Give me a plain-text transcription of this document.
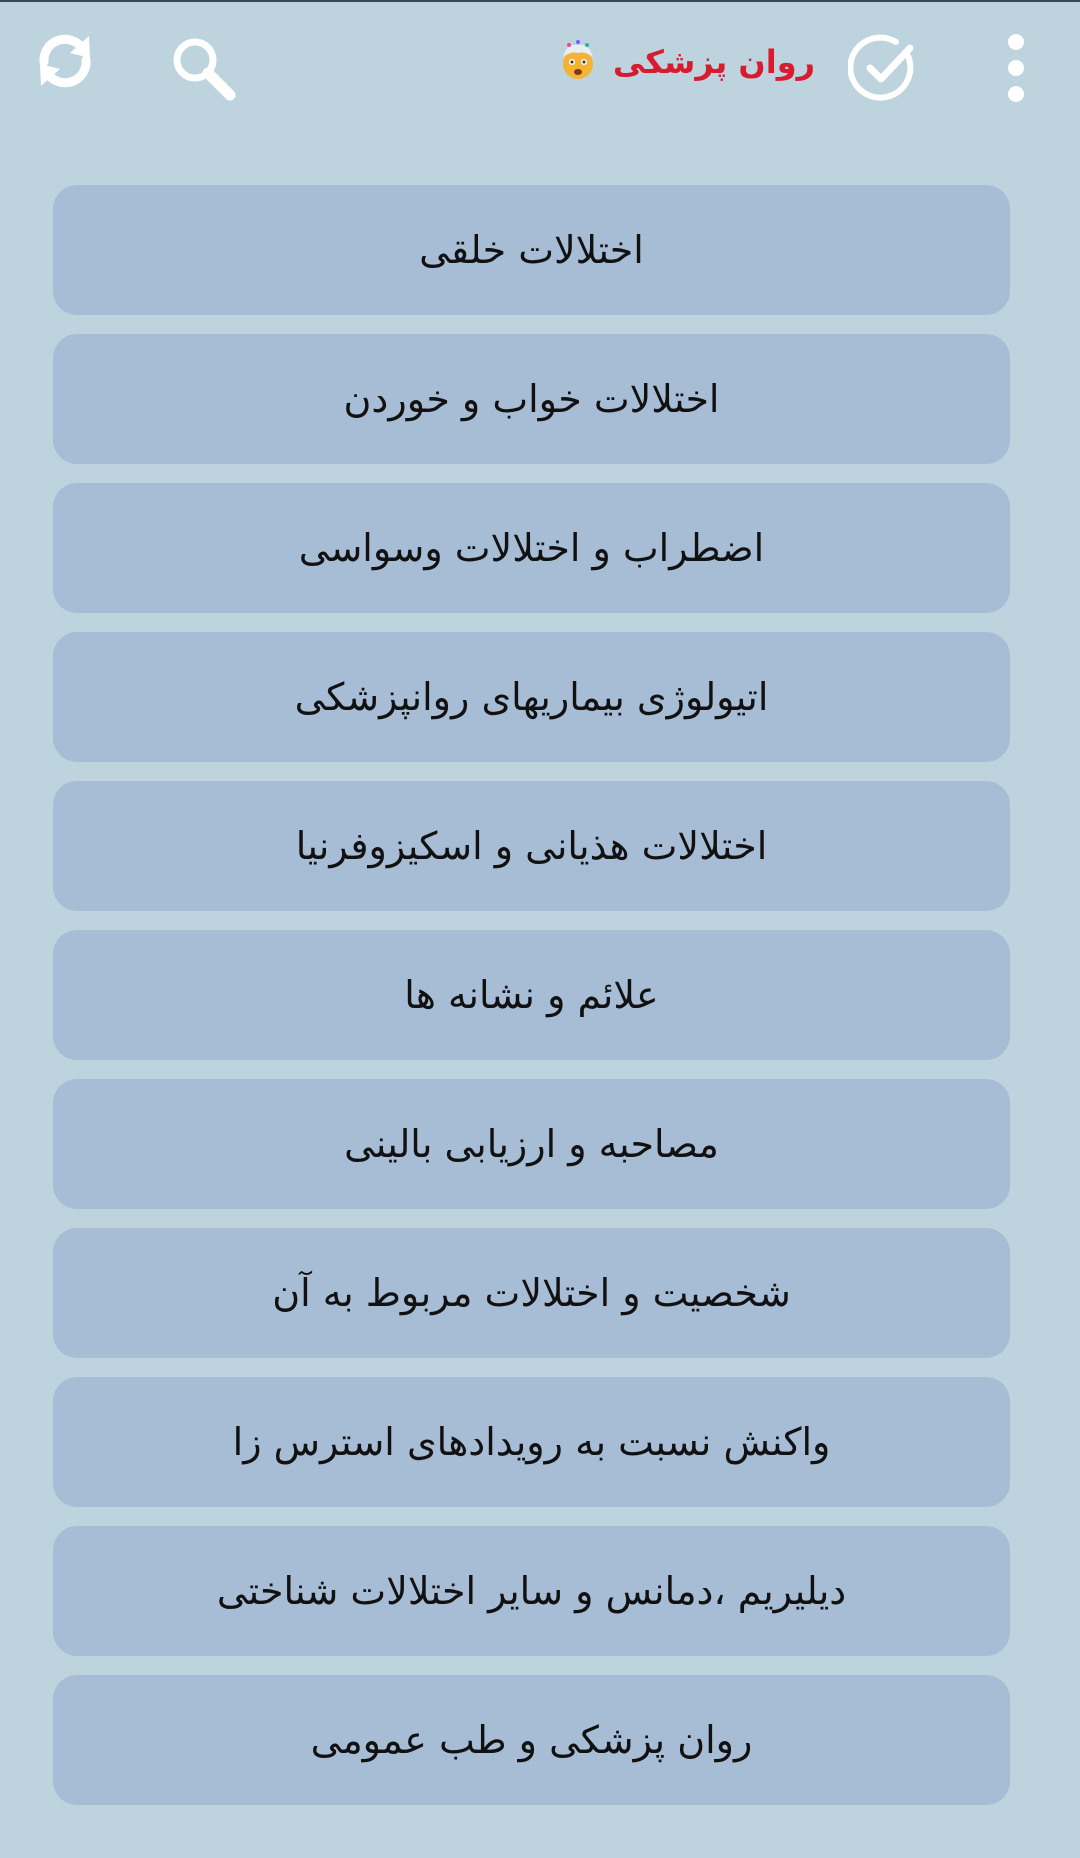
روان پزشکی
اختلالات خلقی
اختلالات خواب و خوردن
اضطراب و اختلالات وسواسی
اتیولوژی بیماریهای روانپزشکی
اختلالات هذیانی و اسکیزوفرنیا
علائم و نشانه ها
مصاحبه و ارزیابی بالینی
شخصیت و اختلالات مربوط به آن
واکنش نسبت به رویدادهای استرس زا
دیلیریم ،دمانس و سایر اختلالات شناختی
روان پزشکی و طب عمومی
